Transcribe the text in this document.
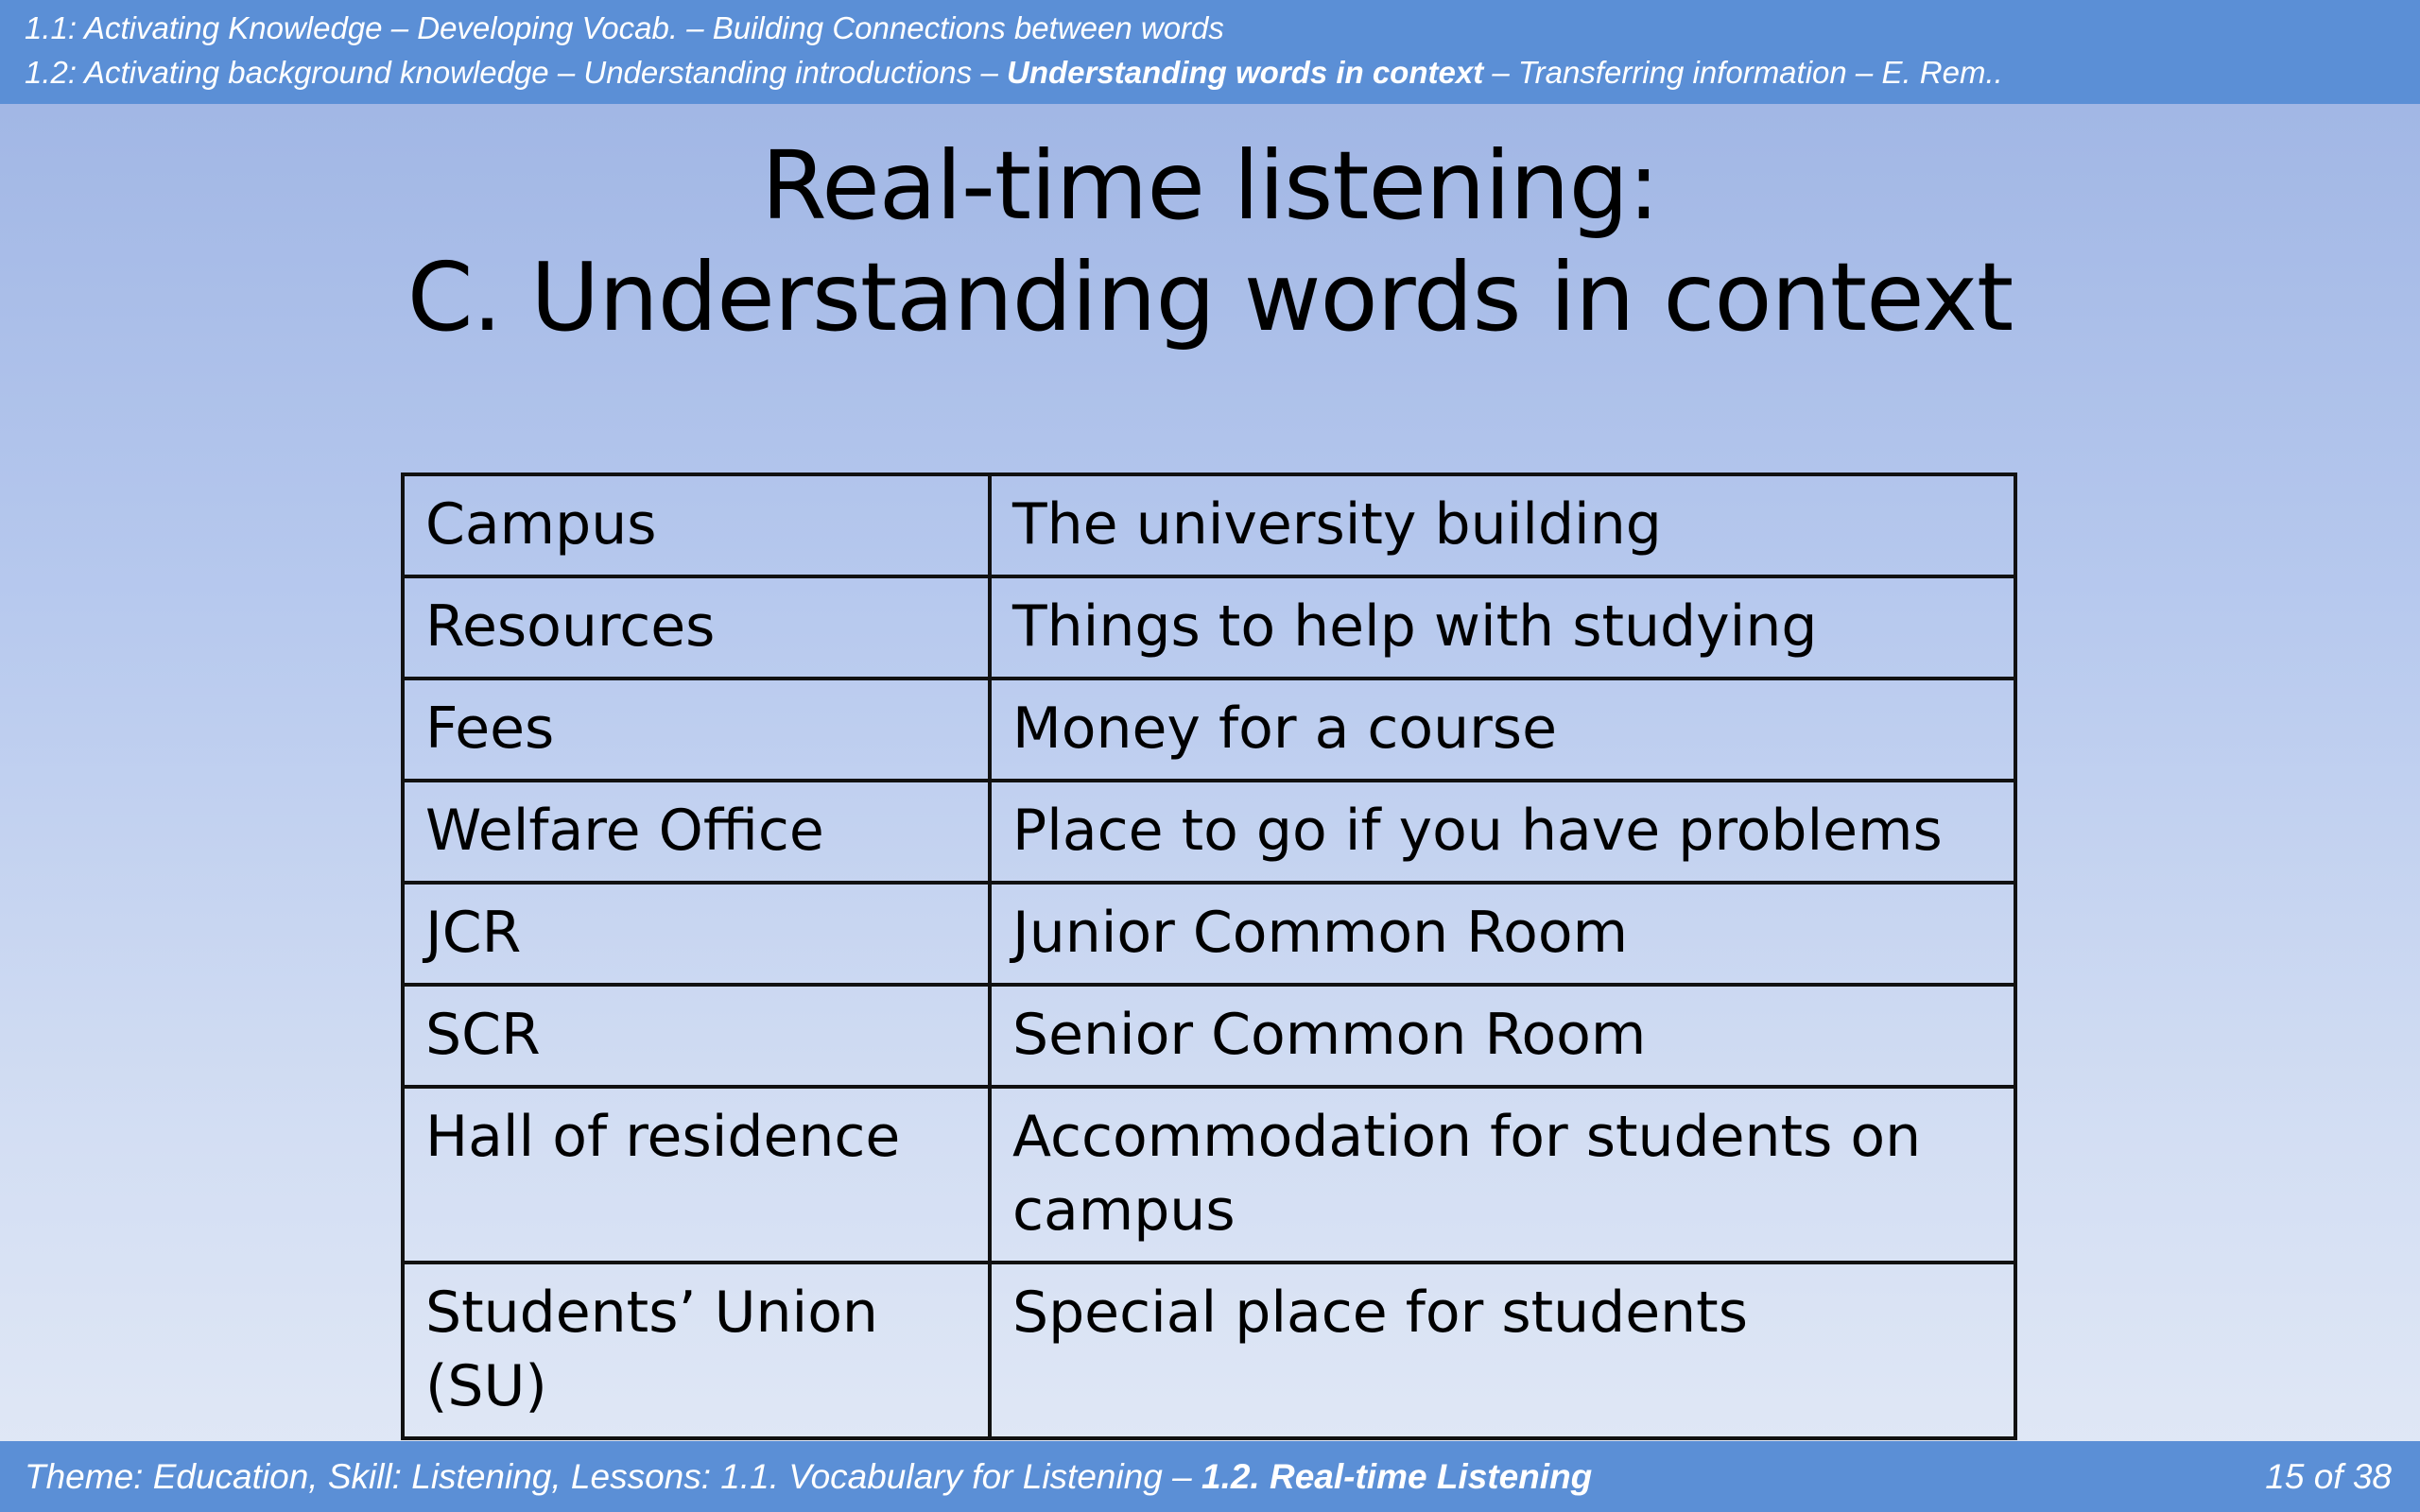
1.1: Activating Knowledge – Developing Vocab. – Building Connections between words
1.2: Activating background knowledge – Understanding introductions – Understanding words in context – Transferring information – E. Rem..
Real-time listening:
C. Understanding words in context
Campus	The university building
Resources	Things to help with studying
Fees	Money for a course
Welfare Office	Place to go if you have problems
JCR	Junior Common Room
SCR	Senior Common Room
Hall of residence	Accommodation for students on campus
Students’ Union (SU)	Special place for students
Theme: Education, Skill: Listening, Lessons: 1.1. Vocabulary for Listening – 1.2. Real-time Listening	15 of 38
